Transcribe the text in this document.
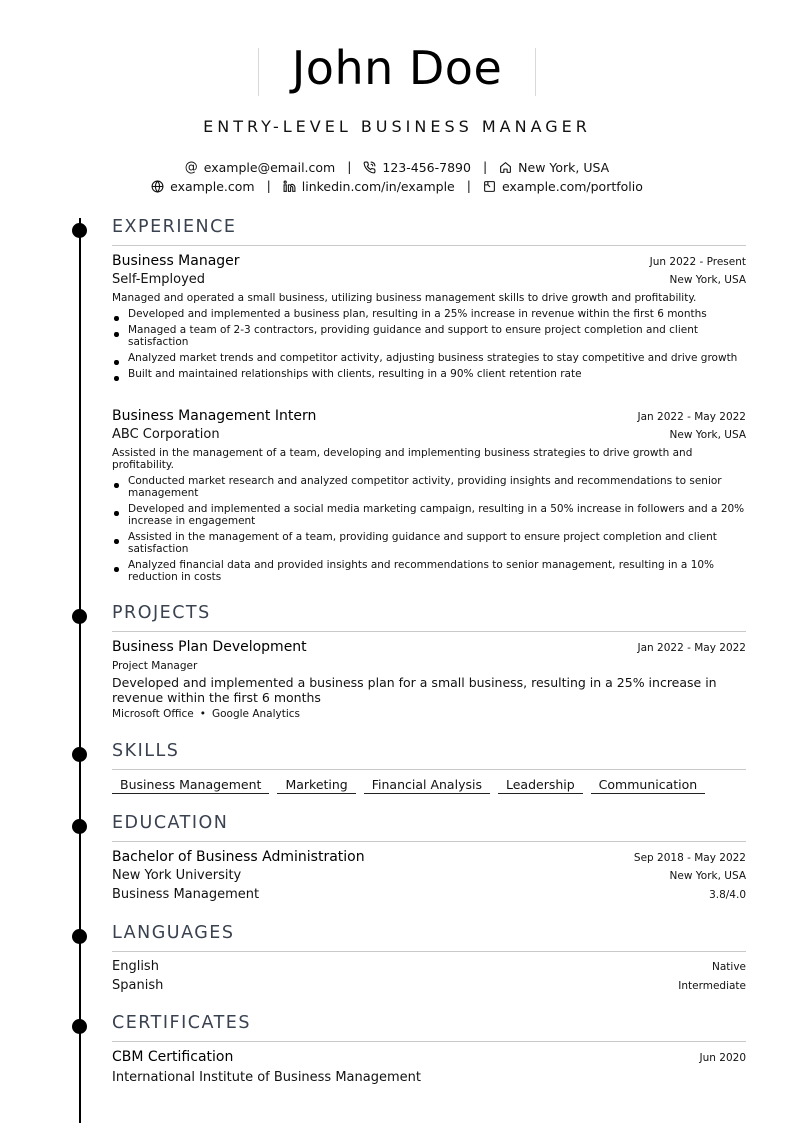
John Doe
ENTRY-LEVEL BUSINESS MANAGER
@ example@email.com | 123-456-7890 | New York, USA
example.com | linkedin.com/in/example | example.com/portfolio
EXPERIENCE
Business Manager	Jun 2022 - Present
Self-Employed	New York, USA
Managed and operated a small business, utilizing business management skills to drive growth and profitability.
Developed and implemented a business plan, resulting in a 25% increase in revenue within the first 6 months
Managed a team of 2-3 contractors, providing guidance and support to ensure project completion and client satisfaction
Analyzed market trends and competitor activity, adjusting business strategies to stay competitive and drive growth
Built and maintained relationships with clients, resulting in a 90% client retention rate
Business Management Intern	Jan 2022 - May 2022
ABC Corporation	New York, USA
Assisted in the management of a team, developing and implementing business strategies to drive growth and profitability.
Conducted market research and analyzed competitor activity, providing insights and recommendations to senior management
Developed and implemented a social media marketing campaign, resulting in a 50% increase in followers and a 20% increase in engagement
Assisted in the management of a team, providing guidance and support to ensure project completion and client satisfaction
Analyzed financial data and provided insights and recommendations to senior management, resulting in a 10% reduction in costs
PROJECTS
Business Plan Development	Jan 2022 - May 2022
Project Manager
Developed and implemented a business plan for a small business, resulting in a 25% increase in revenue within the first 6 months
Microsoft Office • Google Analytics
SKILLS
Business Management	Marketing	Financial Analysis	Leadership	Communication
EDUCATION
Bachelor of Business Administration	Sep 2018 - May 2022
New York University	New York, USA
Business Management	3.8/4.0
LANGUAGES
English	Native
Spanish	Intermediate
CERTIFICATES
CBM Certification	Jun 2020
International Institute of Business Management
